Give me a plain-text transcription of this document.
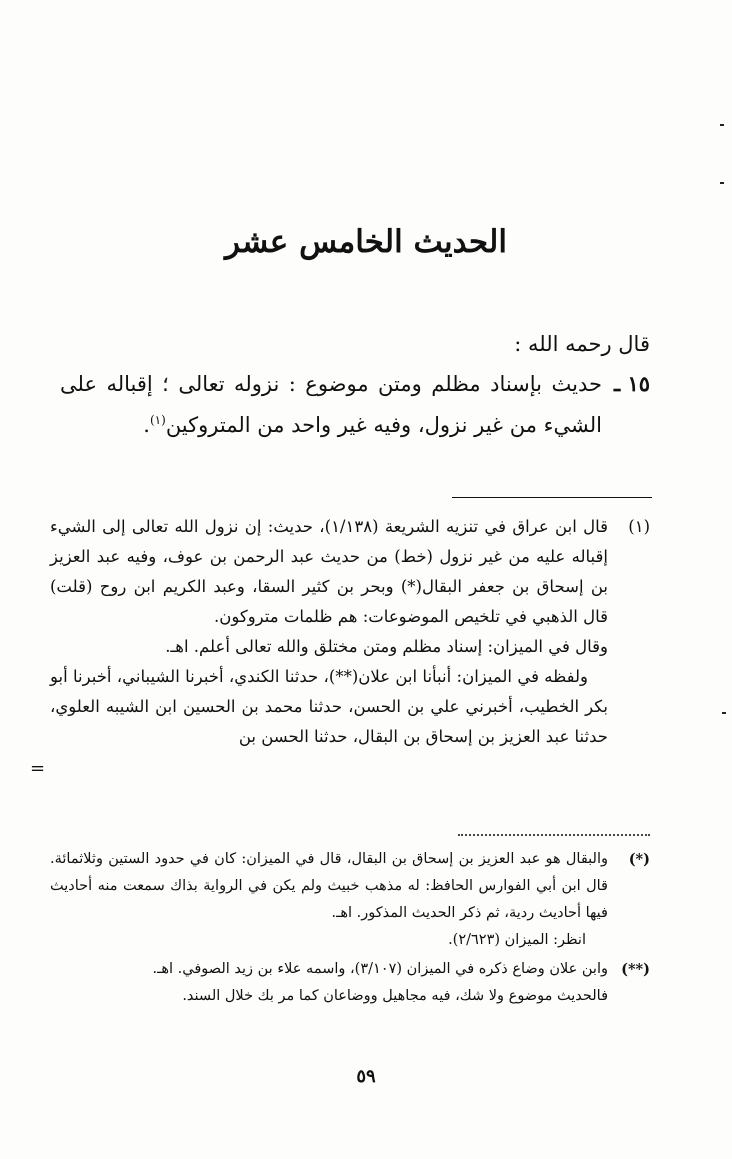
الحديث الخامس عشر

قال رحمه الله :

١٥ ـ
حديث بإسناد مظلم ومتن موضوع : نزوله تعالى ؛ إقباله على الشيء من غير نزول، وفيه غير واحد من المتروكين$^{(١)}$.
(١)

قال ابن عراق في تنزيه الشريعة (١/١٣٨)، حديث: إن نزول الله تعالى إلى الشيء إقباله عليه من غير نزول (خط) من حديث عبد الرحمن بن عوف، وفيه عبد العزيز بن إسحاق بن جعفر البقال(*) وبحر بن كثير السقا، وعبد الكريم ابن روح (قلت) قال الذهبي في تلخيص الموضوعات: هم ظلمات متروكون.

وقال في الميزان: إسناد مظلم ومتن مختلق والله تعالى أعلم. اهـ.

ولفظه في الميزان: أنبأنا ابن علان(**)، حدثنا الكندي، أخبرنا الشيباني، أخبرنا أبو بكر الخطيب، أخبرني علي بن الحسن، حدثنا محمد بن الحسين ابن الشيبه العلوي، حدثنا عبد العزيز بن إسحاق بن البقال، حدثنا الحسن بن

=
(*)

والبقال هو عبد العزيز بن إسحاق بن البقال، قال في الميزان: كان في حدود الستين وثلاثمائة. قال ابن أبي الفوارس الحافظ: له مذهب خبيث ولم يكن في الرواية بذاك سمعت منه أحاديث فيها أحاديث ردية، ثم ذكر الحديث المذكور. اهـ.

انظر: الميزان (٢/٦٢٣).

(**)

وابن علان وضاع ذكره في الميزان (٣/١٠٧)، واسمه علاء بن زيد الصوفي. اهـ.

فالحديث موضوع ولا شك، فيه مجاهيل ووضاعان كما مر بك خلال السند.

٥٩
